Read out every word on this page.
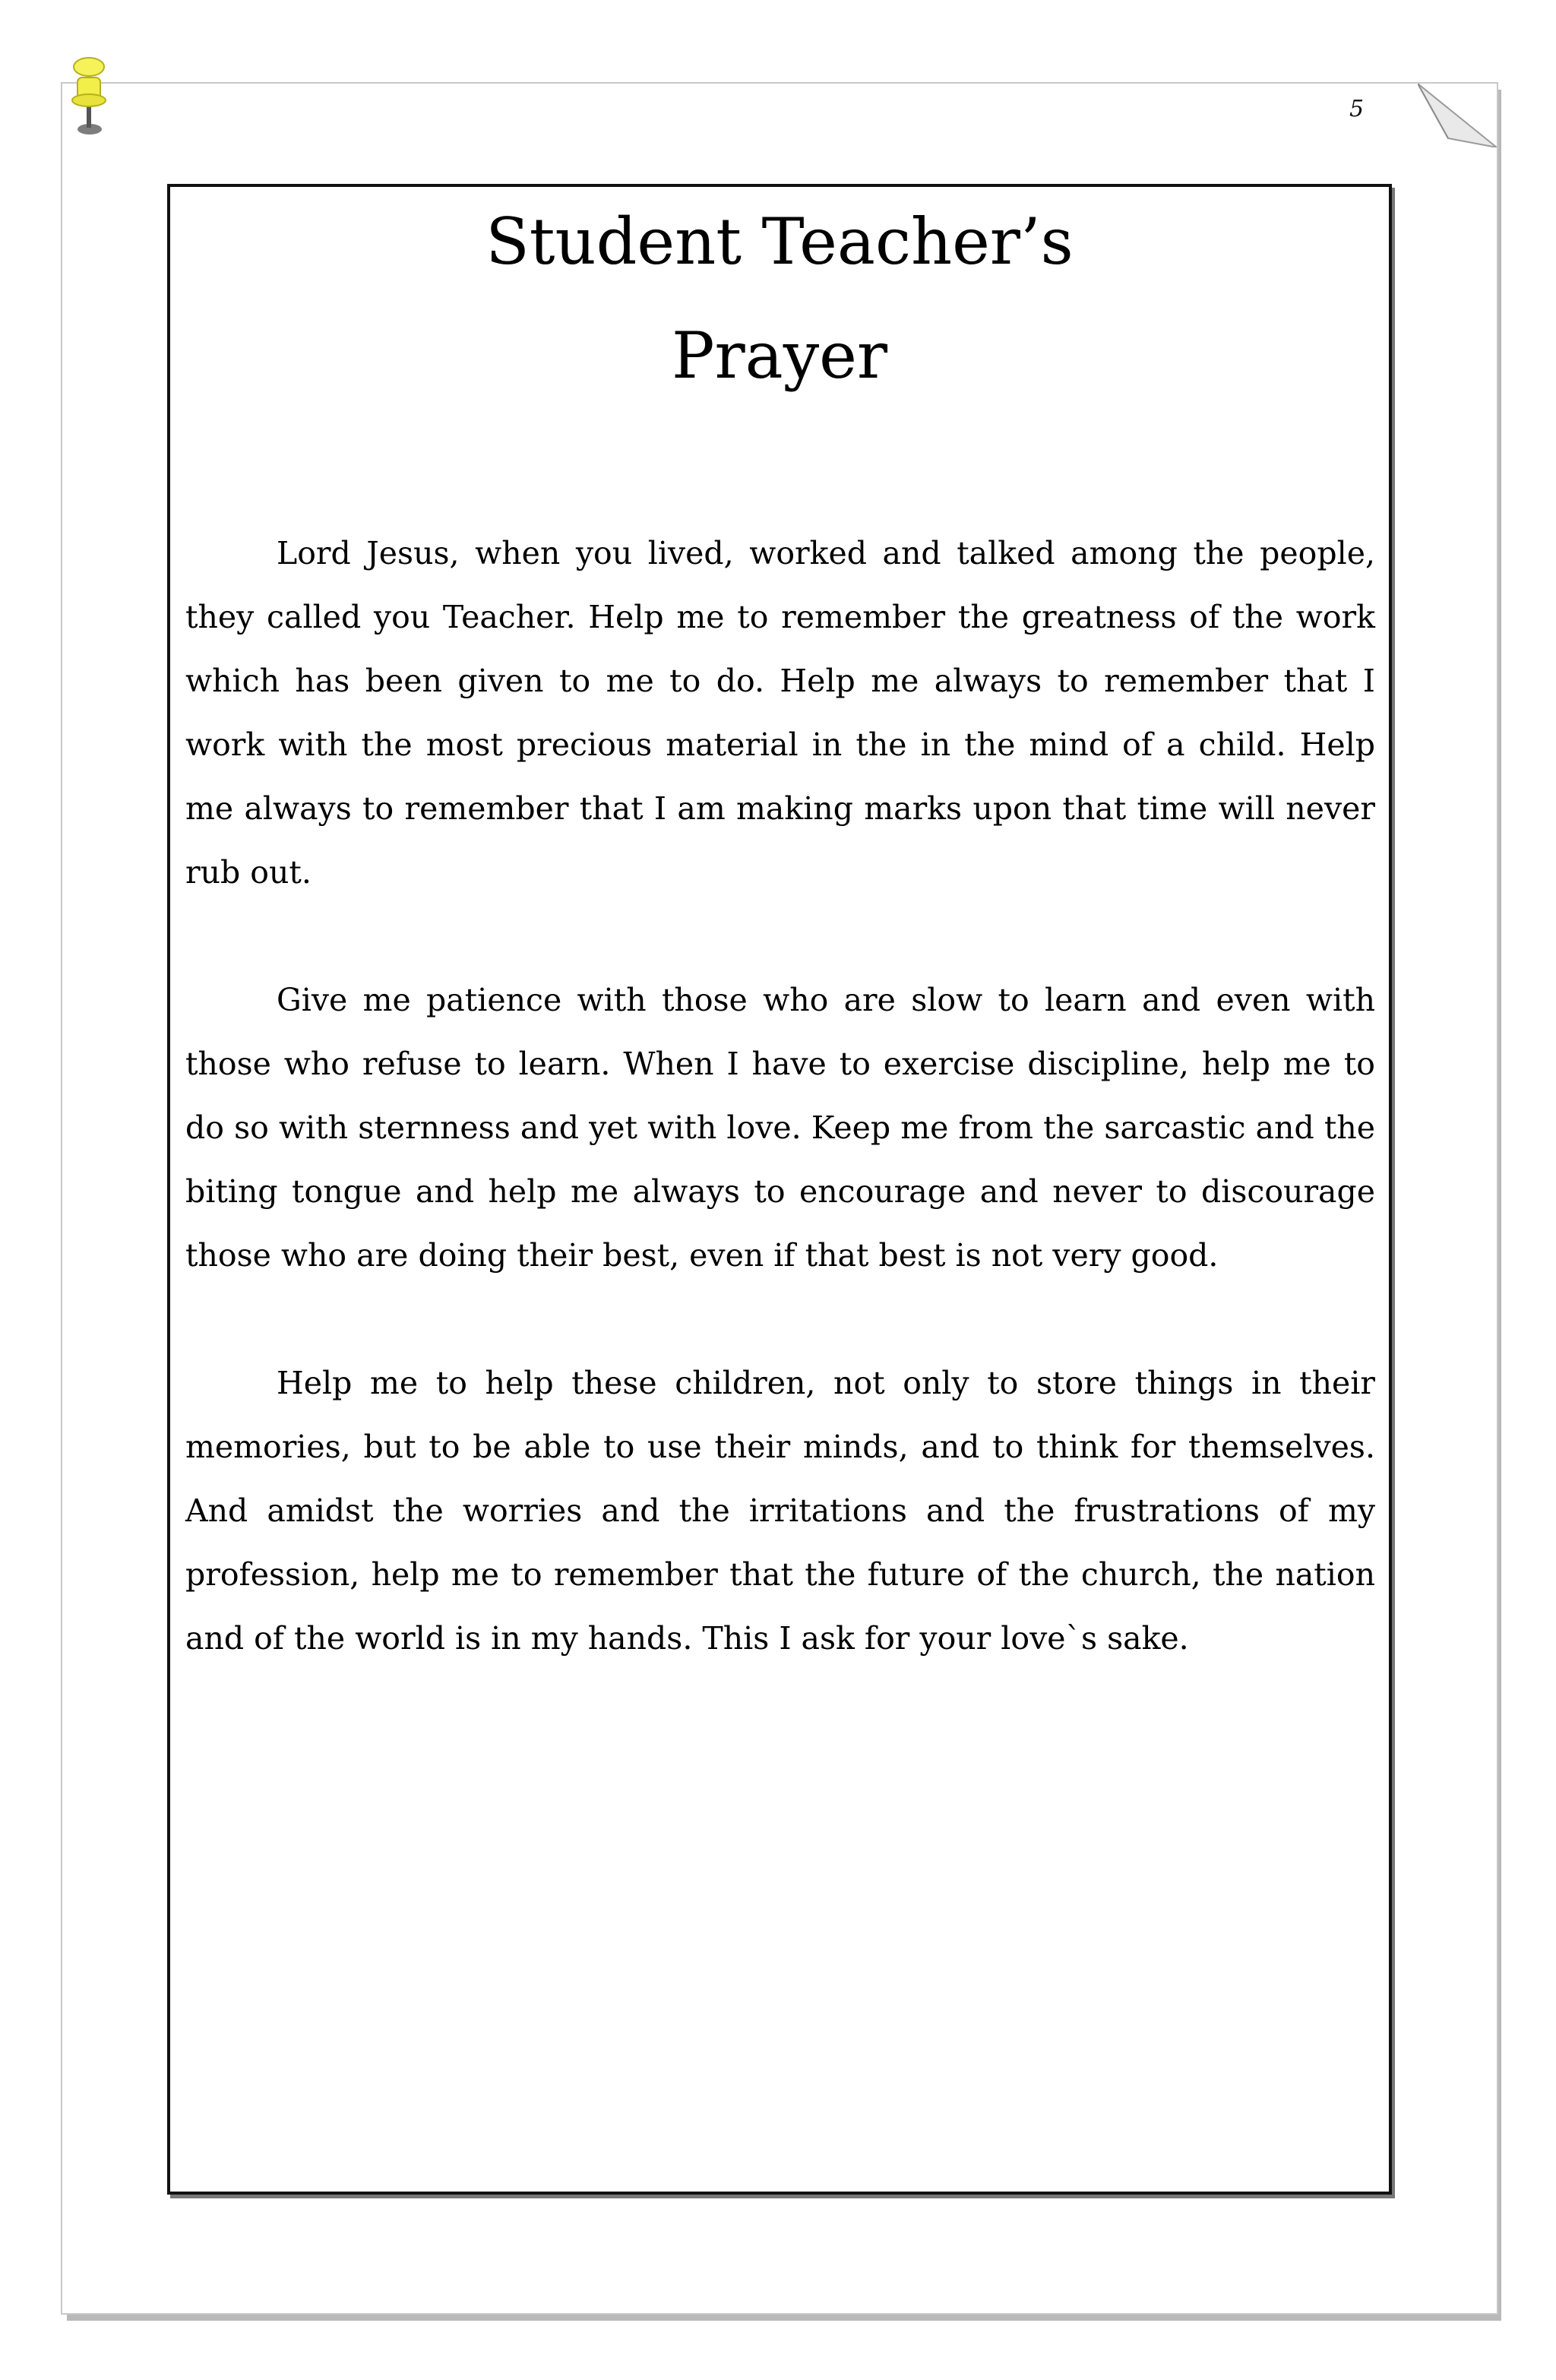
5
Student Teacher’s
Prayer

Lord Jesus, when you lived, worked and talked among the people, they called you Teacher. Help me to remember the greatness of the work which has been given to me to do. Help me always to remember that I work with the most precious material in the in the mind of a child. Help me always to remember that I am making marks upon that time will never rub out.

Give me patience with those who are slow to learn and even with those who refuse to learn. When I have to exercise discipline, help me to do so with sternness and yet with love. Keep me from the sarcastic and the biting tongue and help me always to encourage and never to discourage those who are doing their best, even if that best is not very good.

Help me to help these children, not only to store things in their memories, but to be able to use their minds, and to think for themselves. And amidst the worries and the irritations and the frustrations of my profession, help me to remember that the future of the church, the nation and of the world is in my hands. This I ask for your love`s sake.
